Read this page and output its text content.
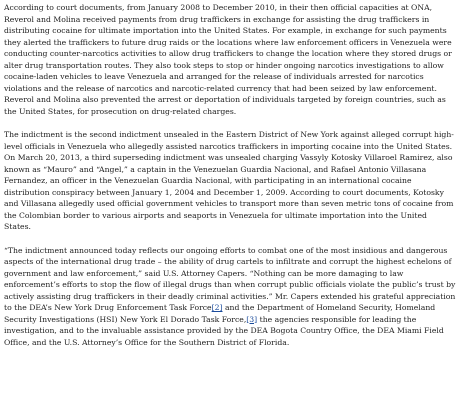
According to court documents, from January 2008 to December 2010, in their then official capacities at ONA, Reverol and Molina received payments from drug traffickers in exchange for assisting the drug traffickers in distributing cocaine for ultimate importation into the United States. For example, in exchange for such payments they alerted the traffickers to future drug raids or the locations where law enforcement officers in Venezuela were conducting counter-narcotics activities to allow drug traffickers to change the location where they stored drugs or alter drug transportation routes. They also took steps to stop or hinder ongoing narcotics investigations to allow cocaine-laden vehicles to leave Venezuela and arranged for the release of individuals arrested for narcotics violations and the release of narcotics and narcotic-related currency that had been seized by law enforcement. Reverol and Molina also prevented the arrest or deportation of individuals targeted by foreign countries, such as the United States, for prosecution on drug-related charges.

The indictment is the second indictment unsealed in the Eastern District of New York against alleged corrupt high-level officials in Venezuela who allegedly assisted narcotics traffickers in importing cocaine into the United States. On March 20, 2013, a third superseding indictment was unsealed charging Vassyly Kotosky Villaroel Ramirez, also known as “Mauro” and “Angel,” a captain in the Venezuelan Guardia Nacional, and Rafael Antonio Villasana Fernandez, an officer in the Venezuelan Guardia Nacional, with participating in an international cocaine distribution conspiracy between January 1, 2004 and December 1, 2009. According to court documents, Kotosky and Villasana allegedly used official government vehicles to transport more than seven metric tons of cocaine from the Colombian border to various airports and seaports in Venezuela for ultimate importation into the United States.

“The indictment announced today reflects our ongoing efforts to combat one of the most insidious and dangerous aspects of the international drug trade – the ability of drug cartels to infiltrate and corrupt the highest echelons of government and law enforcement,” said U.S. Attorney Capers. “Nothing can be more damaging to law enforcement’s efforts to stop the flow of illegal drugs than when corrupt public officials violate the public’s trust by actively assisting drug traffickers in their deadly criminal activities.” Mr. Capers extended his grateful appreciation to the DEA’s New York Drug Enforcement Task Force[2] and the Department of Homeland Security, Homeland Security Investigations (HSI) New York El Dorado Task Force,[3] the agencies responsible for leading the investigation, and to the invaluable assistance provided by the DEA Bogota Country Office, the DEA Miami Field Office, and the U.S. Attorney’s Office for the Southern District of Florida.
